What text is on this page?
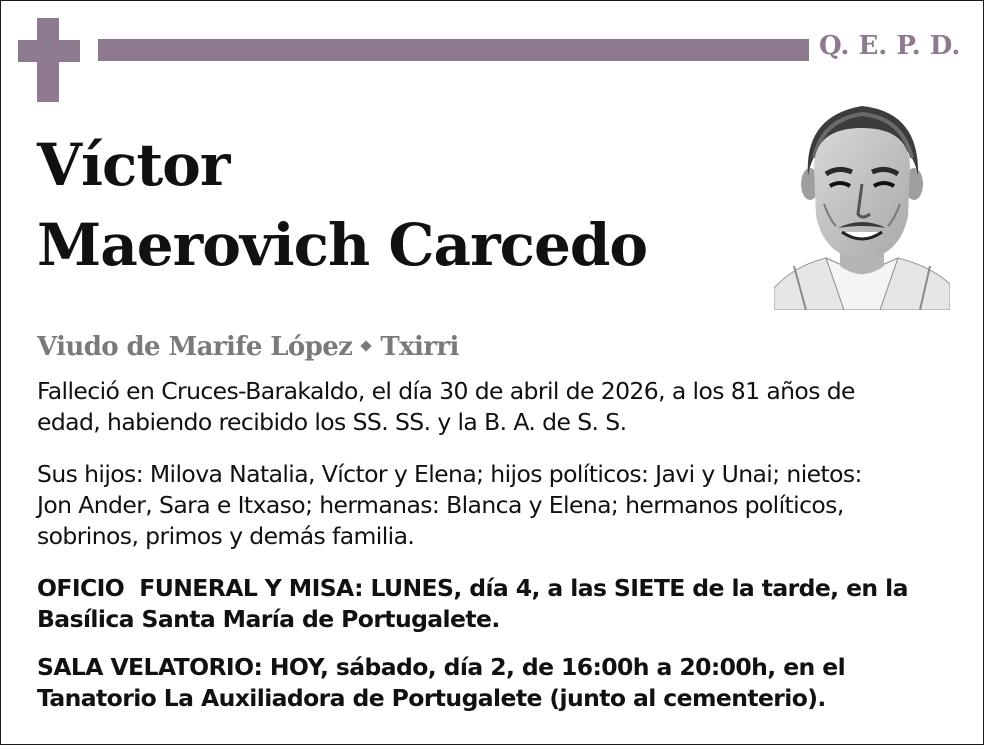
Q. E. P. D.
Víctor
Maerovich Carcedo
Viudo de Marife López Txirri
Falleció en Cruces-Barakaldo, el día 30 de abril de 2026, a los 81 años de
edad, habiendo recibido los SS. SS. y la B. A. de S. S.
Sus hijos: Milova Natalia, Víctor y Elena; hijos políticos: Javi y Unai; nietos:
Jon Ander, Sara e Itxaso; hermanas: Blanca y Elena; hermanos políticos,
sobrinos, primos y demás familia.
OFICIO  FUNERAL Y MISA: LUNES, día 4, a las SIETE de la tarde, en la
Basílica Santa María de Portugalete.
SALA VELATORIO: HOY, sábado, día 2, de 16:00h a 20:00h, en el
Tanatorio La Auxiliadora de Portugalete (junto al cementerio).
